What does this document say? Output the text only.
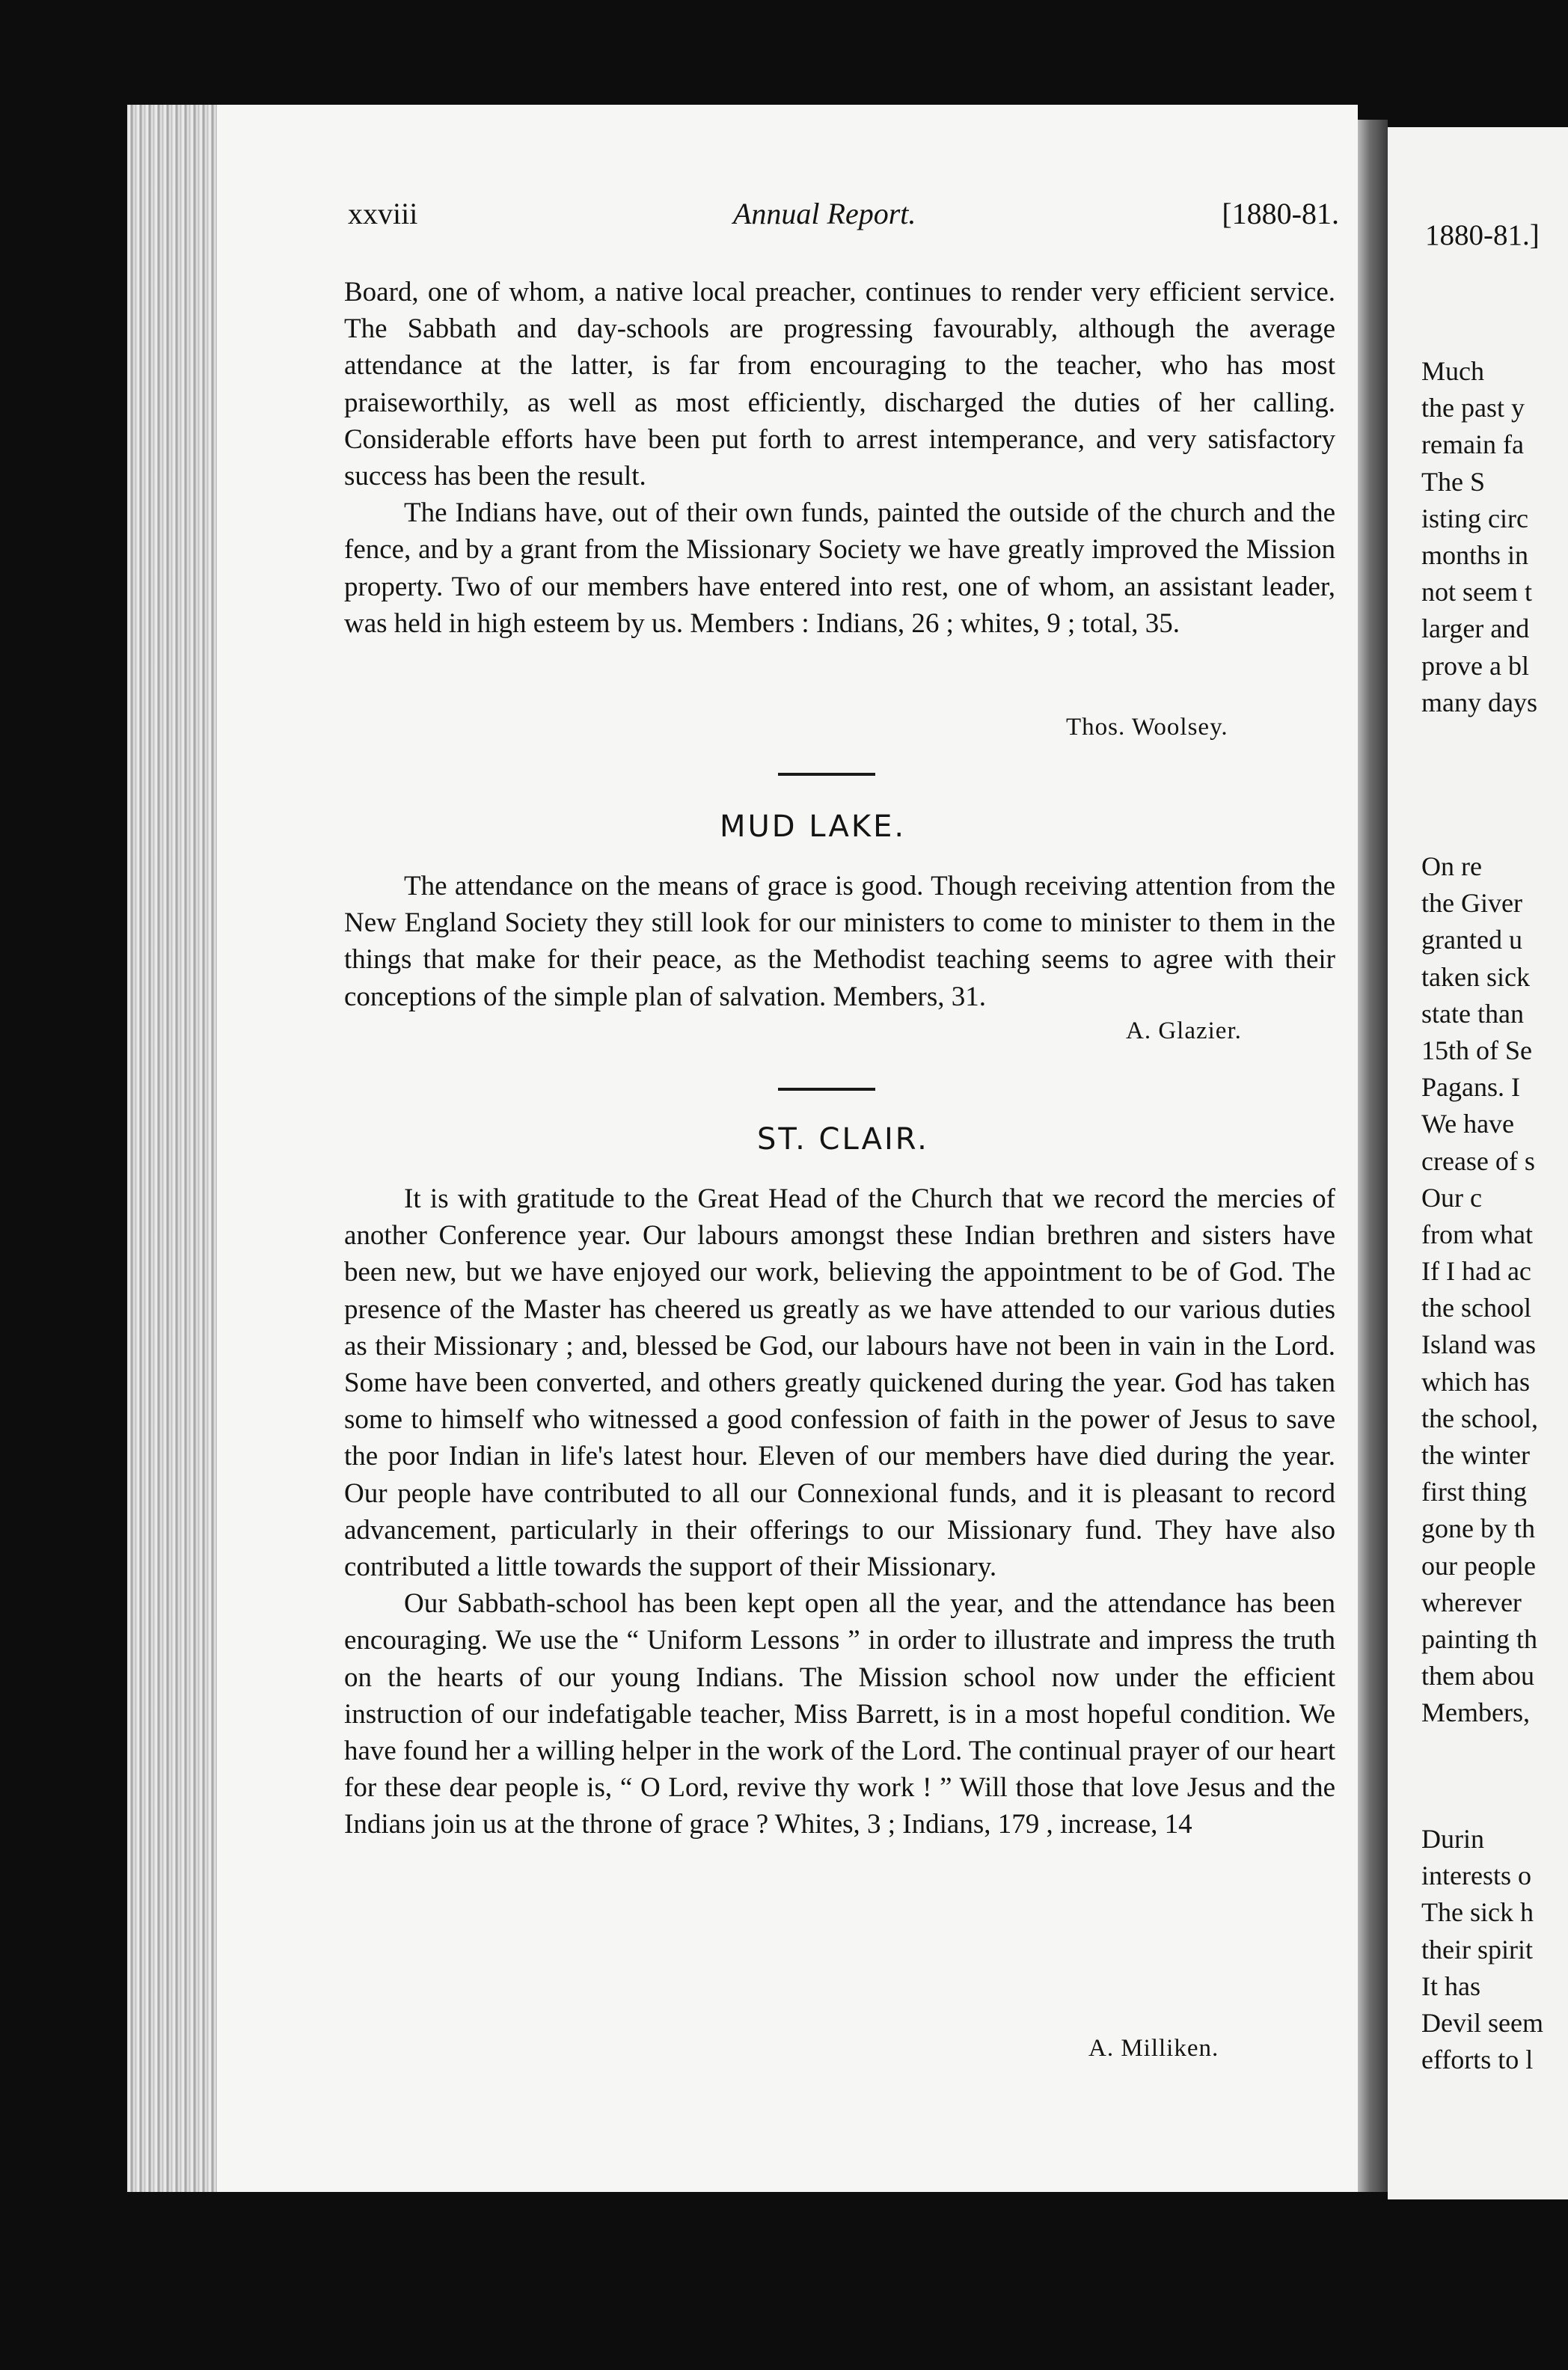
xxviii	Annual Report.	[1880-81.

Board, one of whom, a native local preacher, continues to render very efficient service. The Sabbath and day-schools are progressing favourably, although the average attendance at the latter, is far from encouraging to the teacher, who has most praiseworthily, as well as most efficiently, discharged the duties of her calling. Considerable efforts have been put forth to arrest intemperance, and very satisfactory success has been the result.

The Indians have, out of their own funds, painted the outside of the church and the fence, and by a grant from the Missionary Society we have greatly improved the Mission property. Two of our members have entered into rest, one of whom, an assistant leader, was held in high esteem by us. Members : Indians, 26 ; whites, 9 ; total, 35.

Thos. Woolsey.
MUD LAKE.

The attendance on the means of grace is good. Though receiving attention from the New England Society they still look for our ministers to come to minister to them in the things that make for their peace, as the Methodist teaching seems to agree with their conceptions of the simple plan of salvation. Members, 31.

A. Glazier.
ST. CLAIR.

It is with gratitude to the Great Head of the Church that we record the mercies of another Conference year. Our labours amongst these Indian brethren and sisters have been new, but we have enjoyed our work, believing the appointment to be of God. The presence of the Master has cheered us greatly as we have attended to our various duties as their Missionary ; and, blessed be God, our labours have not been in vain in the Lord. Some have been converted, and others greatly quickened during the year. God has taken some to himself who witnessed a good confession of faith in the power of Jesus to save the poor Indian in life's latest hour. Eleven of our members have died during the year. Our people have contributed to all our Connexional funds, and it is pleasant to record advancement, particularly in their offerings to our Missionary fund. They have also contributed a little towards the support of their Missionary.

Our Sabbath-school has been kept open all the year, and the attendance has been encouraging. We use the “ Uniform Lessons ” in order to illustrate and impress the truth on the hearts of our young Indians. The Mission school now under the efficient instruction of our indefatigable teacher, Miss Barrett, is in a most hopeful condition. We have found her a willing helper in the work of the Lord. The continual prayer of our heart for these dear people is, “ O Lord, revive thy work ! ” Will those that love Jesus and the Indians join us at the throne of grace ? Whites, 3 ; Indians, 179 , increase, 14

A. Milliken.
1880-81.]
Much
the past y
remain fa
The S
isting circ
months in
not seem t
larger and
prove a bl
many days
On re
the Giver
granted u
taken sick
state than
15th of Se
Pagans. I
We have
crease of s
Our c
from what
If I had ac
the school
Island was
which has
the school,
the winter
first thing
gone by th
our people
wherever
painting th
them abou
Members,
Durin
interests o
The sick h
their spirit
It has
Devil seem
efforts to l
